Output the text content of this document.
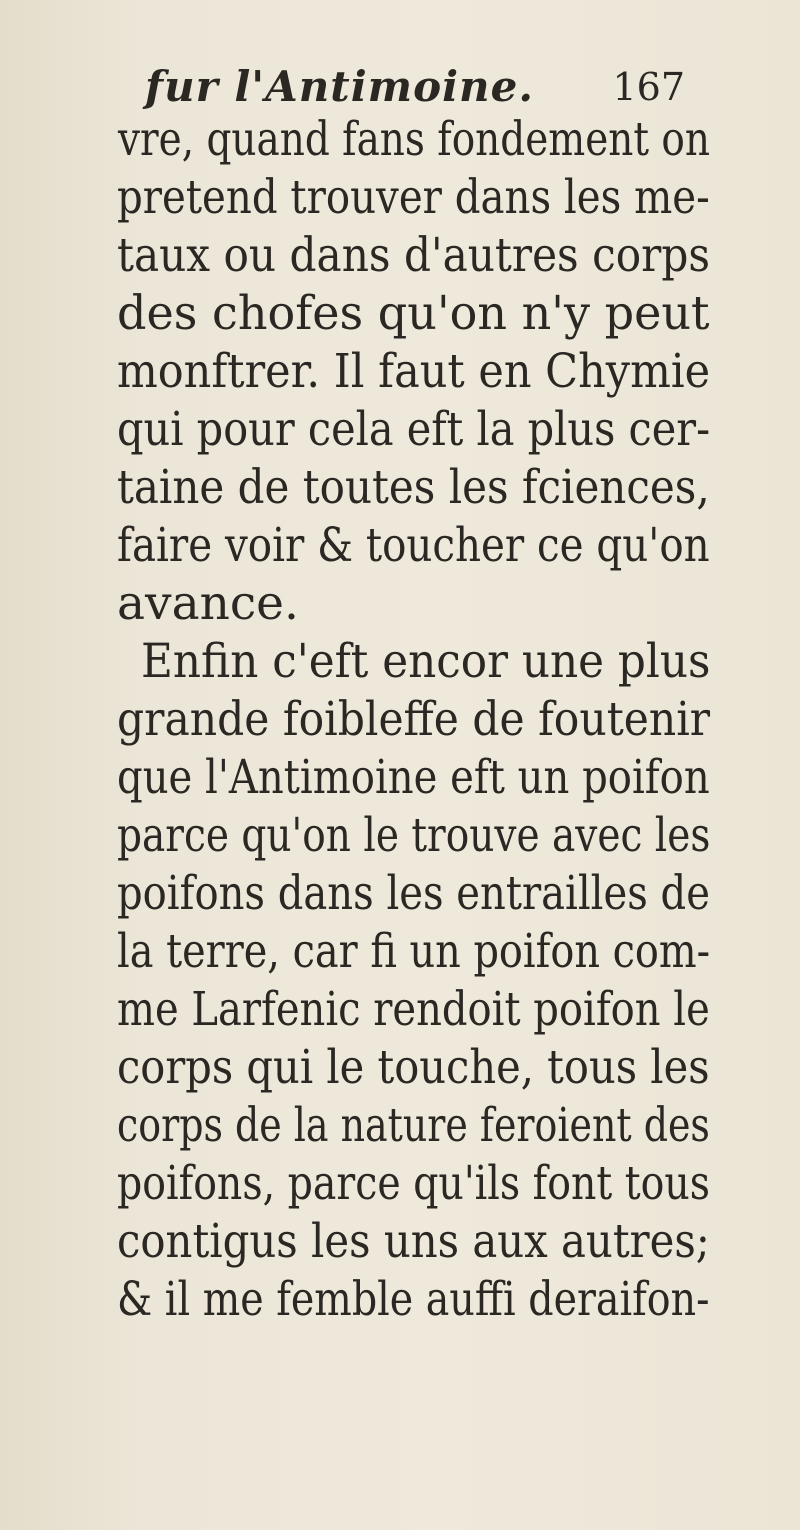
fur l'Antimoine. 167
vre, quand fans fondement on
pretend trouver dans les me-
taux ou dans d'autres corps
des chofes qu'on n'y peut
monftrer. Il faut en Chymie
qui pour cela eft la plus cer-
taine de toutes les fciences,
faire voir & toucher ce qu'on
avance.
Enfin c'eft encor une plus
grande foibleffe de foutenir
que l'Antimoine eft un poifon
parce qu'on le trouve avec les
poifons dans les entrailles de
la terre, car fi un poifon com-
me Larfenic rendoit poifon le
corps qui le touche, tous les
corps de la nature feroient des
poifons, parce qu'ils font tous
contigus les uns aux autres;
& il me femble auffi deraifon-
